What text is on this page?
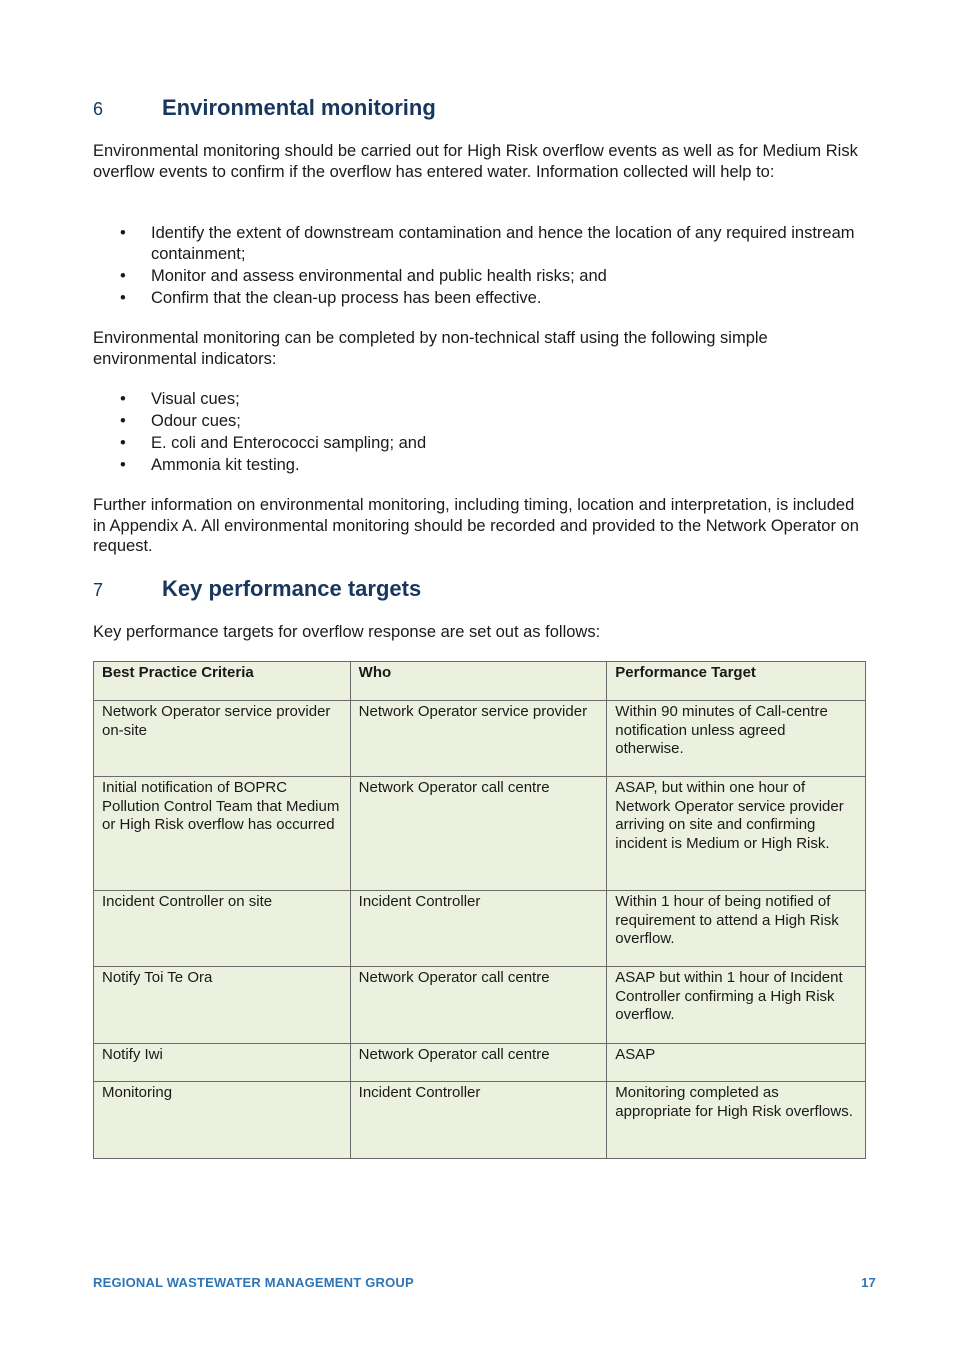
6	Environmental monitoring

Environmental monitoring should be carried out for High Risk overflow events as well as for Medium Risk overflow events to confirm if the overflow has entered water. Information collected will help to:

• Identify the extent of downstream contamination and hence the location of any required instream containment;
• Monitor and assess environmental and public health risks; and
• Confirm that the clean-up process has been effective.

Environmental monitoring can be completed by non-technical staff using the following simple environmental indicators:

• Visual cues;
• Odour cues;
• E. coli and Enterococci sampling; and
• Ammonia kit testing.

Further information on environmental monitoring, including timing, location and interpretation, is included in Appendix A. All environmental monitoring should be recorded and provided to the Network Operator on request.

7	Key performance targets

Key performance targets for overflow response are set out as follows:

Best Practice Criteria	Who	Performance Target
Network Operator service provider on-site	Network Operator service provider	Within 90 minutes of Call-centre notification unless agreed otherwise.
Initial notification of BOPRC Pollution Control Team that Medium or High Risk overflow has occurred	Network Operator call centre	ASAP, but within one hour of Network Operator service provider arriving on site and confirming incident is Medium or High Risk.
Incident Controller on site	Incident Controller	Within 1 hour of being notified of requirement to attend a High Risk overflow.
Notify Toi Te Ora	Network Operator call centre	ASAP but within 1 hour of Incident Controller confirming a High Risk overflow.
Notify Iwi	Network Operator call centre	ASAP
Monitoring	Incident Controller	Monitoring completed as appropriate for High Risk overflows.
REGIONAL WASTEWATER MANAGEMENT GROUP	17
